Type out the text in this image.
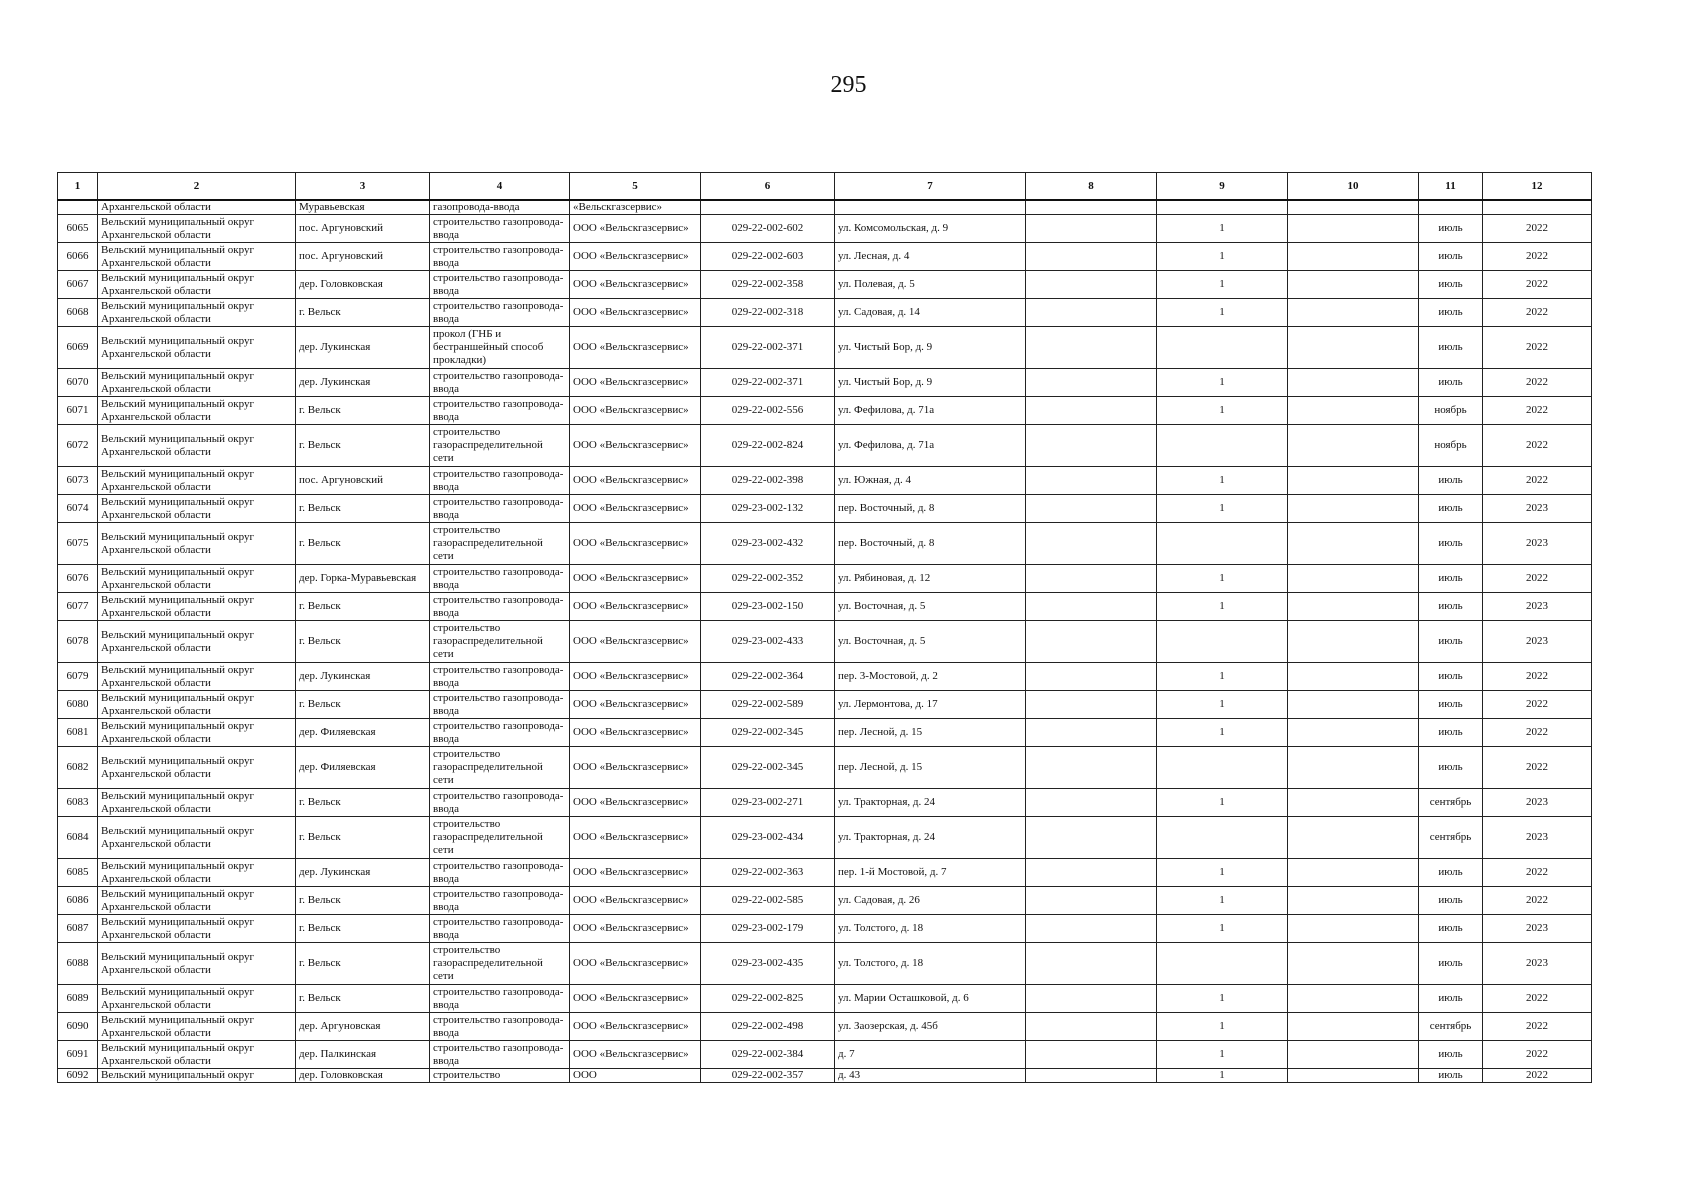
295
1	2	3	4	5	6	7	8	9	10	11	12
	Архангельской области	Муравьевская	газопровода-ввода	«Вельскгазсервис»							
6065	Вельский муниципальный округ Архангельской области	пос. Аргуновский	строительство газопровода-ввода	ООО «Вельскгазсервис»	029-22-002-602	ул. Комсомольская, д. 9		1		июль	2022
6066	Вельский муниципальный округ Архангельской области	пос. Аргуновский	строительство газопровода-ввода	ООО «Вельскгазсервис»	029-22-002-603	ул. Лесная, д. 4		1		июль	2022
6067	Вельский муниципальный округ Архангельской области	дер. Головковская	строительство газопровода-ввода	ООО «Вельскгазсервис»	029-22-002-358	ул. Полевая, д. 5		1		июль	2022
6068	Вельский муниципальный округ Архангельской области	г. Вельск	строительство газопровода-ввода	ООО «Вельскгазсервис»	029-22-002-318	ул. Садовая, д. 14		1		июль	2022
6069	Вельский муниципальный округ Архангельской области	дер. Лукинская	прокол (ГНБ и бестраншейный способ прокладки)	ООО «Вельскгазсервис»	029-22-002-371	ул. Чистый Бор, д. 9				июль	2022
6070	Вельский муниципальный округ Архангельской области	дер. Лукинская	строительство газопровода-ввода	ООО «Вельскгазсервис»	029-22-002-371	ул. Чистый Бор, д. 9		1		июль	2022
6071	Вельский муниципальный округ Архангельской области	г. Вельск	строительство газопровода-ввода	ООО «Вельскгазсервис»	029-22-002-556	ул. Фефилова, д. 71а		1		ноябрь	2022
6072	Вельский муниципальный округ Архангельской области	г. Вельск	строительство газораспределительной сети	ООО «Вельскгазсервис»	029-22-002-824	ул. Фефилова, д. 71а				ноябрь	2022
6073	Вельский муниципальный округ Архангельской области	пос. Аргуновский	строительство газопровода-ввода	ООО «Вельскгазсервис»	029-22-002-398	ул. Южная, д. 4		1		июль	2022
6074	Вельский муниципальный округ Архангельской области	г. Вельск	строительство газопровода-ввода	ООО «Вельскгазсервис»	029-23-002-132	пер. Восточный, д. 8		1		июль	2023
6075	Вельский муниципальный округ Архангельской области	г. Вельск	строительство газораспределительной сети	ООО «Вельскгазсервис»	029-23-002-432	пер. Восточный, д. 8				июль	2023
6076	Вельский муниципальный округ Архангельской области	дер. Горка-Муравьевская	строительство газопровода-ввода	ООО «Вельскгазсервис»	029-22-002-352	ул. Рябиновая, д. 12		1		июль	2022
6077	Вельский муниципальный округ Архангельской области	г. Вельск	строительство газопровода-ввода	ООО «Вельскгазсервис»	029-23-002-150	ул. Восточная, д. 5		1		июль	2023
6078	Вельский муниципальный округ Архангельской области	г. Вельск	строительство газораспределительной сети	ООО «Вельскгазсервис»	029-23-002-433	ул. Восточная, д. 5				июль	2023
6079	Вельский муниципальный округ Архангельской области	дер. Лукинская	строительство газопровода-ввода	ООО «Вельскгазсервис»	029-22-002-364	пер. 3-Мостовой, д. 2		1		июль	2022
6080	Вельский муниципальный округ Архангельской области	г. Вельск	строительство газопровода-ввода	ООО «Вельскгазсервис»	029-22-002-589	ул. Лермонтова, д. 17		1		июль	2022
6081	Вельский муниципальный округ Архангельской области	дер. Филяевская	строительство газопровода-ввода	ООО «Вельскгазсервис»	029-22-002-345	пер. Лесной, д. 15		1		июль	2022
6082	Вельский муниципальный округ Архангельской области	дер. Филяевская	строительство газораспределительной сети	ООО «Вельскгазсервис»	029-22-002-345	пер. Лесной, д. 15				июль	2022
6083	Вельский муниципальный округ Архангельской области	г. Вельск	строительство газопровода-ввода	ООО «Вельскгазсервис»	029-23-002-271	ул. Тракторная, д. 24		1		сентябрь	2023
6084	Вельский муниципальный округ Архангельской области	г. Вельск	строительство газораспределительной сети	ООО «Вельскгазсервис»	029-23-002-434	ул. Тракторная, д. 24				сентябрь	2023
6085	Вельский муниципальный округ Архангельской области	дер. Лукинская	строительство газопровода-ввода	ООО «Вельскгазсервис»	029-22-002-363	пер. 1-й Мостовой, д. 7		1		июль	2022
6086	Вельский муниципальный округ Архангельской области	г. Вельск	строительство газопровода-ввода	ООО «Вельскгазсервис»	029-22-002-585	ул. Садовая, д. 26		1		июль	2022
6087	Вельский муниципальный округ Архангельской области	г. Вельск	строительство газопровода-ввода	ООО «Вельскгазсервис»	029-23-002-179	ул. Толстого, д. 18		1		июль	2023
6088	Вельский муниципальный округ Архангельской области	г. Вельск	строительство газораспределительной сети	ООО «Вельскгазсервис»	029-23-002-435	ул. Толстого, д. 18				июль	2023
6089	Вельский муниципальный округ Архангельской области	г. Вельск	строительство газопровода-ввода	ООО «Вельскгазсервис»	029-22-002-825	ул. Марии Осташковой, д. 6		1		июль	2022
6090	Вельский муниципальный округ Архангельской области	дер. Аргуновская	строительство газопровода-ввода	ООО «Вельскгазсервис»	029-22-002-498	ул. Заозерская, д. 45б		1		сентябрь	2022
6091	Вельский муниципальный округ Архангельской области	дер. Палкинская	строительство газопровода-ввода	ООО «Вельскгазсервис»	029-22-002-384	д. 7		1		июль	2022
6092	Вельский муниципальный округ	дер. Головковская	строительство	ООО	029-22-002-357	д. 43		1		июль	2022
